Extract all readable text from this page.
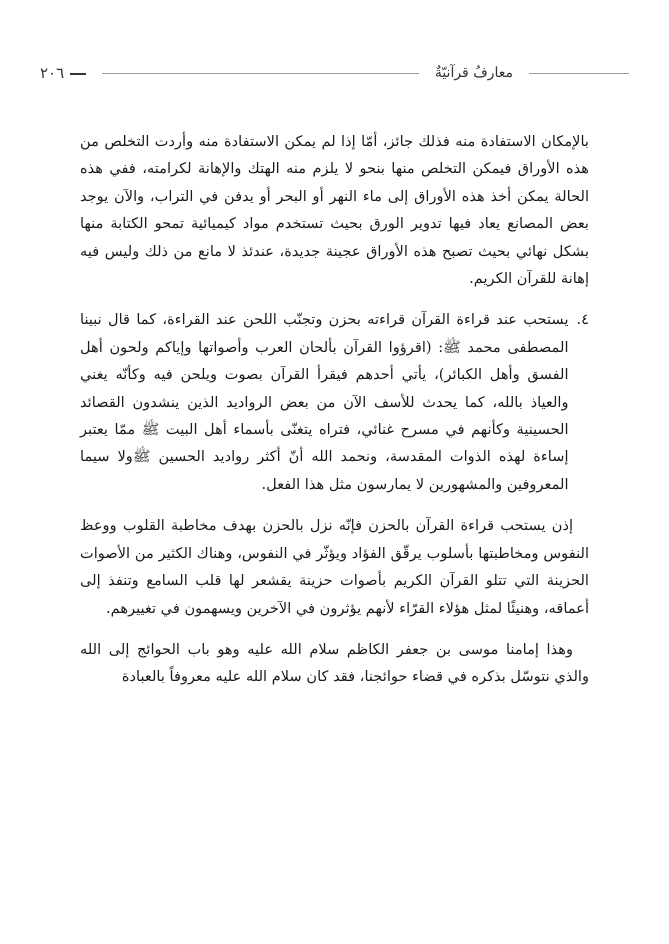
٢٠٦	معارفُ قرآنيّةٌ

بالإمكان الاستفادة منه فذلك جائز، أمّا إذا لم يمكن الاستفادة منه وأردت التخلص من هذه الأوراق فيمكن التخلص منها بنحو لا يلزم منه الهتك والإهانة لكرامته، ففي هذه الحالة يمكن أخذ هذه الأوراق إلى ماء النهر أو البحر أو يدفن في التراب، والآن يوجد بعض المصانع يعاد فيها تدوير الورق بحيث تستخدم مواد كيميائية تمحو الكتابة منها بشكل نهائي بحيث تصبح هذه الأوراق عجينة جديدة، عندئذ لا مانع من ذلك وليس فيه إهانة للقرآن الكريم.

٤.
يستحب عند قراءة القرآن قراءته بحزن وتجنّب اللحن عند القراءة، كما قال نبينا المصطفى محمد ﷺ: (اقرؤوا القرآن بألحان العرب وأصواتها وإياكم ولحون أهل الفسق وأهل الكبائر)، يأتي أحدهم فيقرأ القرآن بصوت ويلحن فيه وكأنّه يغني والعياذ بالله، كما يحدث للأسف الآن من بعض الرواديد الذين ينشدون القصائد الحسينية وكأنهم في مسرح غنائي، فتراه يتغنّى بأسماء أهل البيت ﷺ ممّا يعتبر إساءة لهذه الذوات المقدسة، ونحمد الله أنّ أكثر رواديد الحسين ﷺولا سيما المعروفين والمشهورين لا يمارسون مثل هذا الفعل.

إذن يستحب قراءة القرآن بالحزن فإنّه نزل بالحزن بهدف مخاطبة القلوب ووعظ النفوس ومخاطبتها بأسلوب يرقّق الفؤاد ويؤثّر في النفوس، وهناك الكثير من الأصوات الحزينة التي تتلو القرآن الكريم بأصوات حزينة يقشعر لها قلب السامع وتنفذ إلى أعماقه، وهنيئًا لمثل هؤلاء القرّاء لأنهم يؤثرون في الآخرين ويسهمون في تغييرهم.

وهذا إمامنا موسى بن جعفر الكاظم سلام الله عليه وهو باب الحوائج إلى الله والذي نتوسّل بذكره في قضاء حوائجنا، فقد كان سلام الله عليه معروفاً بالعبادة
